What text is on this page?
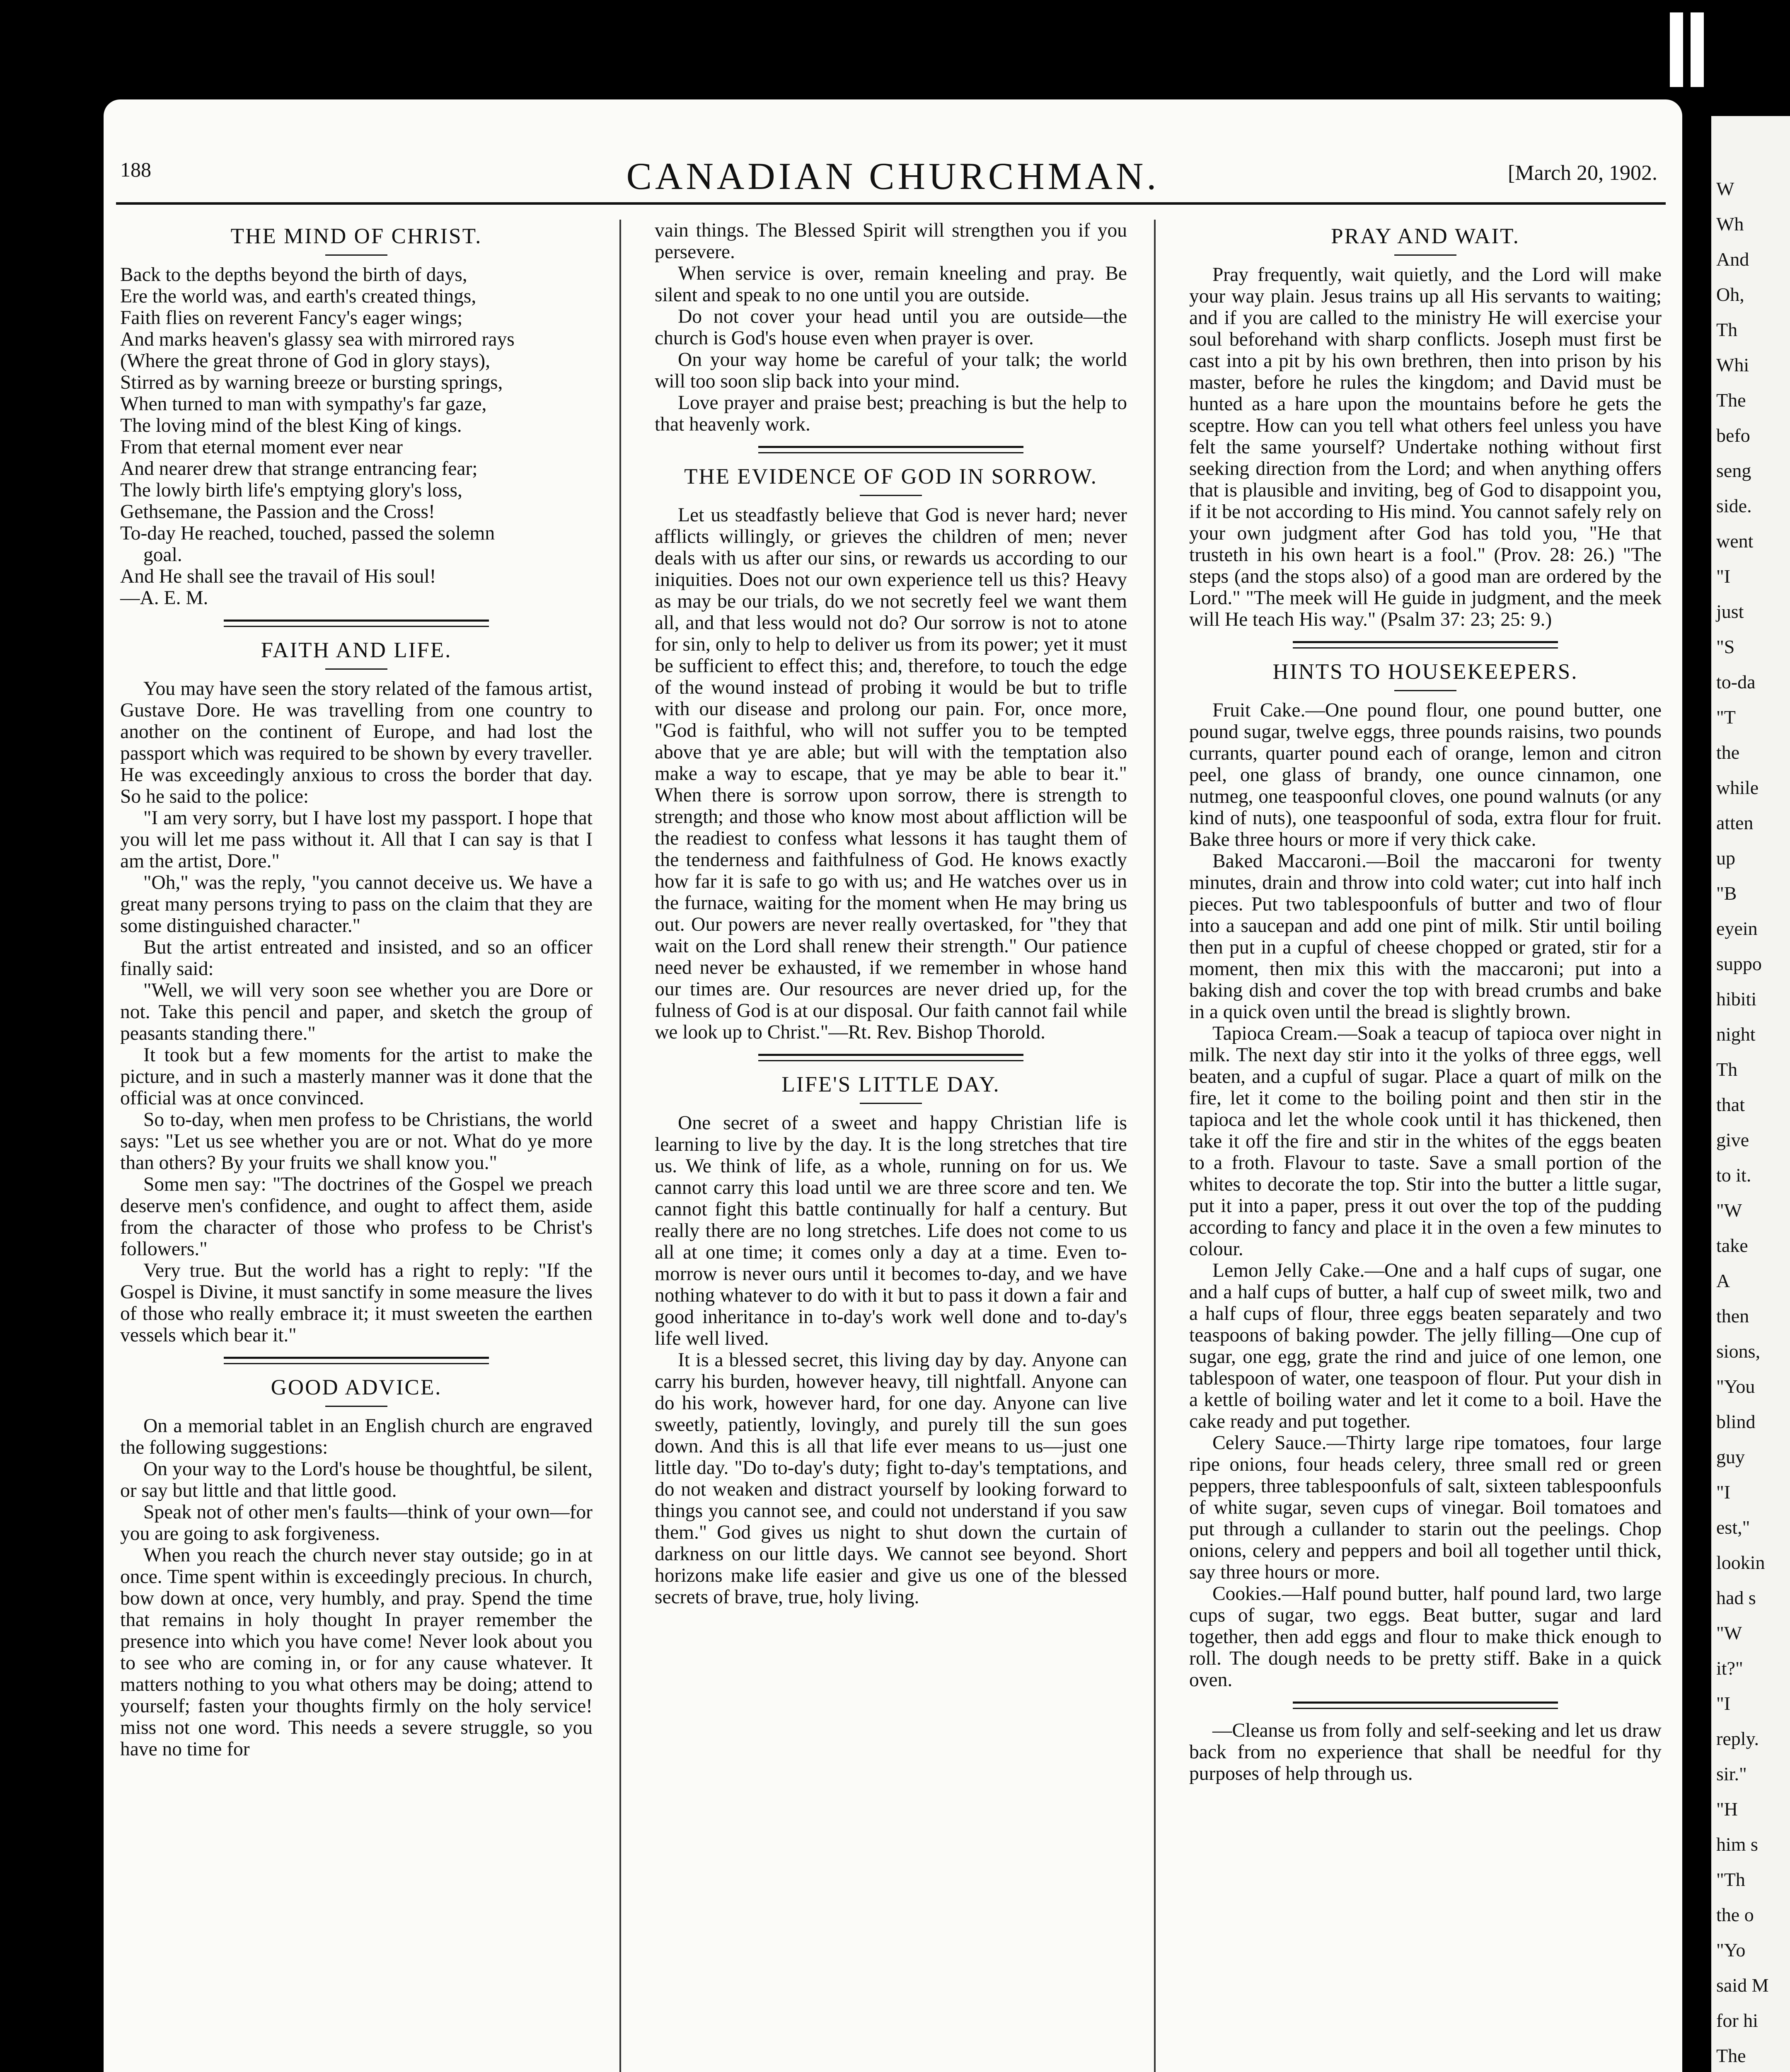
W

Wh

And

Oh,

Th

Whi

The

befo

seng

side.

went

"I

just

"S

to-da

"T

the

while

atten

up

"B

eyein

suppo

hibiti

night

Th

that

give

to it.

"W

take

A

then

sions,

"You

blind

guy

"I

est,"

lookin

had s

"W

it?"

"I

reply.

sir."

"H

him s

"Th

the o

"Yo

said M

for hi

The

188	CANADIAN CHURCHMAN.	[March 20, 1902.
THE MIND OF CHRIST.

Back to the depths beyond the birth of days,

Ere the world was, and earth's created things,

Faith flies on reverent Fancy's eager wings;

And marks heaven's glassy sea with mirrored rays

(Where the great throne of God in glory stays),

Stirred as by warning breeze or bursting springs,

When turned to man with sympathy's far gaze,

The loving mind of the blest King of kings.

From that eternal moment ever near

And nearer drew that strange entrancing fear;

The lowly birth life's emptying glory's loss,

Gethsemane, the Passion and the Cross!

To-day He reached, touched, passed the solemn

goal.

And He shall see the travail of His soul!

—A. E. M.

FAITH AND LIFE.

You may have seen the story related of the famous artist, Gustave Dore. He was travelling from one country to another on the continent of Europe, and had lost the passport which was required to be shown by every traveller. He was exceedingly anxious to cross the border that day. So he said to the police:

"I am very sorry, but I have lost my passport. I hope that you will let me pass without it. All that I can say is that I am the artist, Dore."

"Oh," was the reply, "you cannot deceive us. We have a great many persons trying to pass on the claim that they are some distinguished character."

But the artist entreated and insisted, and so an officer finally said:

"Well, we will very soon see whether you are Dore or not. Take this pencil and paper, and sketch the group of peasants standing there."

It took but a few moments for the artist to make the picture, and in such a masterly manner was it done that the official was at once convinced.

So to-day, when men profess to be Christians, the world says: "Let us see whether you are or not. What do ye more than others? By your fruits we shall know you."

Some men say: "The doctrines of the Gospel we preach deserve men's confidence, and ought to affect them, aside from the character of those who profess to be Christ's followers."

Very true. But the world has a right to reply: "If the Gospel is Divine, it must sanctify in some measure the lives of those who really embrace it; it must sweeten the earthen vessels which bear it."

GOOD ADVICE.

On a memorial tablet in an English church are engraved the following suggestions:

On your way to the Lord's house be thoughtful, be silent, or say but little and that little good.

Speak not of other men's faults—think of your own—for you are going to ask forgiveness.

When you reach the church never stay outside; go in at once. Time spent within is exceedingly precious. In church, bow down at once, very humbly, and pray. Spend the time that remains in holy thought In prayer remember the presence into which you have come! Never look about you to see who are coming in, or for any cause whatever. It matters nothing to you what others may be doing; attend to yourself; fasten your thoughts firmly on the holy service! miss not one word. This needs a severe struggle, so you have no time for

vain things. The Blessed Spirit will strengthen you if you persevere.

When service is over, remain kneeling and pray. Be silent and speak to no one until you are outside.

Do not cover your head until you are outside—the church is God's house even when prayer is over.

On your way home be careful of your talk; the world will too soon slip back into your mind.

Love prayer and praise best; preaching is but the help to that heavenly work.

THE EVIDENCE OF GOD IN SORROW.

Let us steadfastly believe that God is never hard; never afflicts willingly, or grieves the children of men; never deals with us after our sins, or rewards us according to our iniquities. Does not our own experience tell us this? Heavy as may be our trials, do we not secretly feel we want them all, and that less would not do? Our sorrow is not to atone for sin, only to help to deliver us from its power; yet it must be sufficient to effect this; and, therefore, to touch the edge of the wound instead of probing it would be but to trifle with our disease and prolong our pain. For, once more, "God is faithful, who will not suffer you to be tempted above that ye are able; but will with the temptation also make a way to escape, that ye may be able to bear it." When there is sorrow upon sorrow, there is strength to strength; and those who know most about affliction will be the readiest to confess what lessons it has taught them of the tenderness and faithfulness of God. He knows exactly how far it is safe to go with us; and He watches over us in the furnace, waiting for the moment when He may bring us out. Our powers are never really overtasked, for "they that wait on the Lord shall renew their strength." Our patience need never be exhausted, if we remember in whose hand our times are. Our resources are never dried up, for the fulness of God is at our disposal. Our faith cannot fail while we look up to Christ."—Rt. Rev. Bishop Thorold.

LIFE'S LITTLE DAY.

One secret of a sweet and happy Christian life is learning to live by the day. It is the long stretches that tire us. We think of life, as a whole, running on for us. We cannot carry this load until we are three score and ten. We cannot fight this battle continually for half a century. But really there are no long stretches. Life does not come to us all at one time; it comes only a day at a time. Even to-morrow is never ours until it becomes to-day, and we have nothing whatever to do with it but to pass it down a fair and good inheritance in to-day's work well done and to-day's life well lived.

It is a blessed secret, this living day by day. Anyone can carry his burden, however heavy, till nightfall. Anyone can do his work, however hard, for one day. Anyone can live sweetly, patiently, lovingly, and purely till the sun goes down. And this is all that life ever means to us—just one little day. "Do to-day's duty; fight to-day's temptations, and do not weaken and distract yourself by looking forward to things you cannot see, and could not understand if you saw them." God gives us night to shut down the curtain of darkness on our little days. We cannot see beyond. Short horizons make life easier and give us one of the blessed secrets of brave, true, holy living.

PRAY AND WAIT.

Pray frequently, wait quietly, and the Lord will make your way plain. Jesus trains up all His servants to waiting; and if you are called to the ministry He will exercise your soul beforehand with sharp conflicts. Joseph must first be cast into a pit by his own brethren, then into prison by his master, before he rules the kingdom; and David must be hunted as a hare upon the mountains before he gets the sceptre. How can you tell what others feel unless you have felt the same yourself? Undertake nothing without first seeking direction from the Lord; and when anything offers that is plausible and inviting, beg of God to disappoint you, if it be not according to His mind. You cannot safely rely on your own judgment after God has told you, "He that trusteth in his own heart is a fool." (Prov. 28: 26.) "The steps (and the stops also) of a good man are ordered by the Lord." "The meek will He guide in judgment, and the meek will He teach His way." (Psalm 37: 23; 25: 9.)

HINTS TO HOUSEKEEPERS.

Fruit Cake.—One pound flour, one pound butter, one pound sugar, twelve eggs, three pounds raisins, two pounds currants, quarter pound each of orange, lemon and citron peel, one glass of brandy, one ounce cinnamon, one nutmeg, one teaspoonful cloves, one pound walnuts (or any kind of nuts), one teaspoonful of soda, extra flour for fruit. Bake three hours or more if very thick cake.

Baked Maccaroni.—Boil the maccaroni for twenty minutes, drain and throw into cold water; cut into half inch pieces. Put two tablespoonfuls of butter and two of flour into a saucepan and add one pint of milk. Stir until boiling then put in a cupful of cheese chopped or grated, stir for a moment, then mix this with the maccaroni; put into a baking dish and cover the top with bread crumbs and bake in a quick oven until the bread is slightly brown.

Tapioca Cream.—Soak a teacup of tapioca over night in milk. The next day stir into it the yolks of three eggs, well beaten, and a cupful of sugar. Place a quart of milk on the fire, let it come to the boiling point and then stir in the tapioca and let the whole cook until it has thickened, then take it off the fire and stir in the whites of the eggs beaten to a froth. Flavour to taste. Save a small portion of the whites to decorate the top. Stir into the butter a little sugar, put it into a paper, press it out over the top of the pudding according to fancy and place it in the oven a few minutes to colour.

Lemon Jelly Cake.—One and a half cups of sugar, one and a half cups of butter, a half cup of sweet milk, two and a half cups of flour, three eggs beaten separately and two teaspoons of baking powder. The jelly filling—One cup of sugar, one egg, grate the rind and juice of one lemon, one tablespoon of water, one teaspoon of flour. Put your dish in a kettle of boiling water and let it come to a boil. Have the cake ready and put together.

Celery Sauce.—Thirty large ripe tomatoes, four large ripe onions, four heads celery, three small red or green peppers, three tablespoonfuls of salt, sixteen tablespoonfuls of white sugar, seven cups of vinegar. Boil tomatoes and put through a cullander to starin out the peelings. Chop onions, celery and peppers and boil all together until thick, say three hours or more.

Cookies.—Half pound butter, half pound lard, two large cups of sugar, two eggs. Beat butter, sugar and lard together, then add eggs and flour to make thick enough to roll. The dough needs to be pretty stiff. Bake in a quick oven.

—Cleanse us from folly and self-seeking and let us draw back from no experience that shall be needful for thy purposes of help through us.
